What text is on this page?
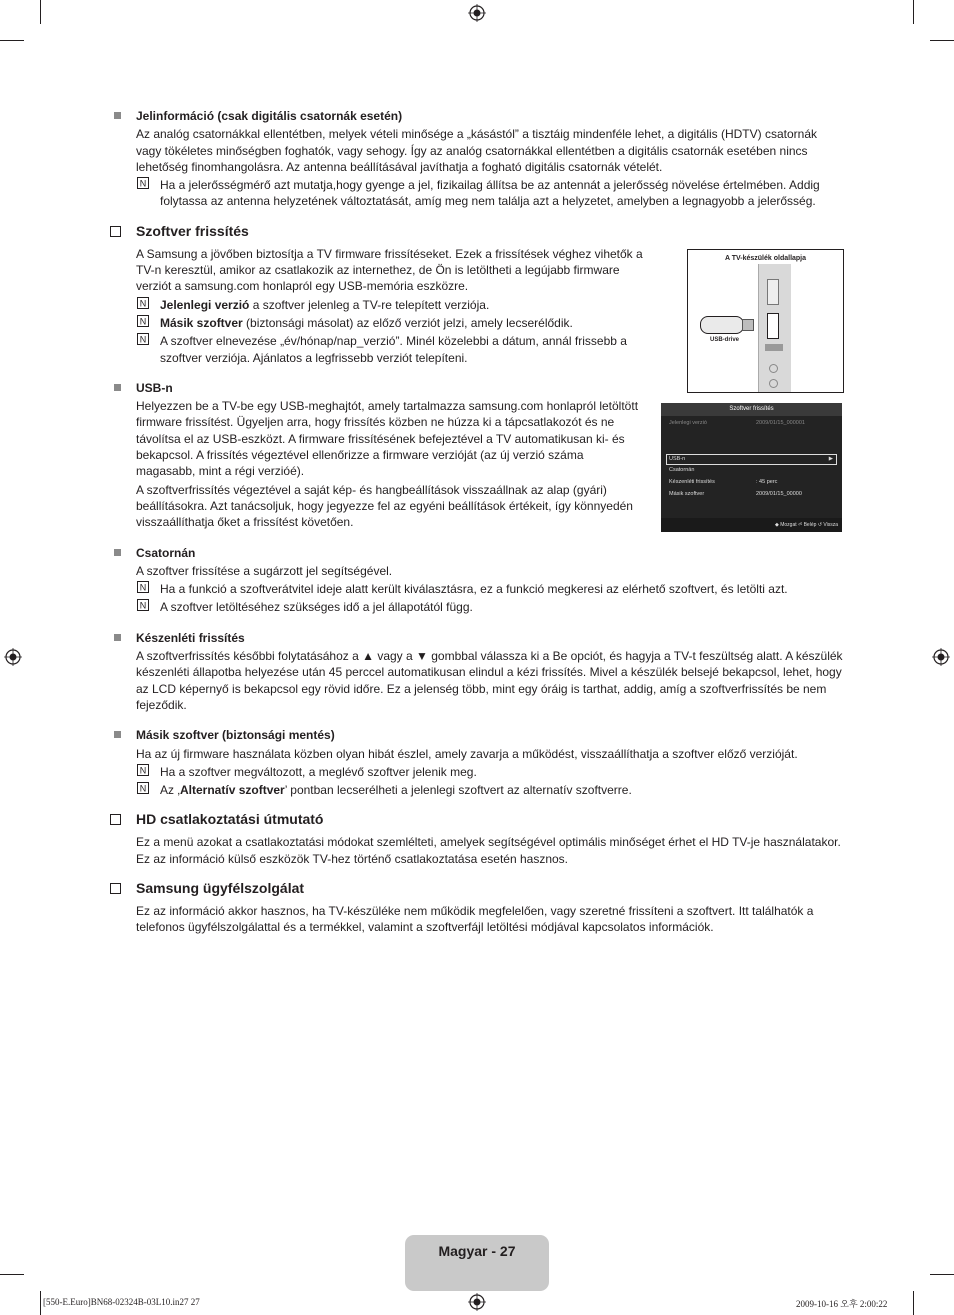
Jelinformáció (csak digitális csatornák esetén)
Az analóg csatornákkal ellentétben, melyek vételi minősége a „kásástól” a tisztáig mindenféle lehet, a digitális (HDTV) csatornák vagy tökéletes minőségben foghatók, vagy sehogy. Így az analóg csatornákkal ellentétben a digitális csatornák esetében nincs lehetőség finomhangolásra. Az antenna beállításával javíthatja a fogható digitális csatornák vételét.
N Ha a jelerősségmérő azt mutatja,hogy gyenge a jel, fizikailag állítsa be az antennát a jelerősség növelése értelmében. Addig folytassa az antenna helyzetének változtatását, amíg meg nem találja azt a helyzetet, amelyben a legnagyobb a jelerősség.
Szoftver frissítés
A Samsung a jövőben biztosítja a TV firmware frissítéseket. Ezek a frissítések véghez vihetők a TV-n keresztül, amikor az csatlakozik az internethez, de Ön is letöltheti a legújabb firmware verziót a samsung.com honlapról egy USB-memória eszközre.
N Jelenlegi verzió a szoftver jelenleg a TV-re telepített verziója.
N Másik szoftver (biztonsági másolat) az előző verziót jelzi, amely lecserélődik.
N A szoftver elnevezése „év/hónap/nap_verzió”. Minél közelebbi a dátum, annál frissebb a szoftver verziója. Ajánlatos a legfrissebb verziót telepíteni.
USB-n
Helyezzen be a TV-be egy USB-meghajtót, amely tartalmazza samsung.com honlapról letöltött firmware frissítést. Ügyeljen arra, hogy frissítés közben ne húzza ki a tápcsatlakozót és ne távolítsa el az USB-eszközt. A firmware frissítésének befejeztével a TV automatikusan ki- és bekapcsol. A frissítés végeztével ellenőrizze a firmware verzióját (az új verzió száma magasabb, mint a régi verzióé).
A szoftverfrissítés végeztével a saját kép- és hangbeállítások visszaállnak az alap (gyári) beállításokra. Azt tanácsoljuk, hogy jegyezze fel az egyéni beállítások értékeit, így könnyedén visszaállíthatja őket a frissítést követően.
Csatornán
A szoftver frissítése a sugárzott jel segítségével.
N Ha a funkció a szoftverátvitel ideje alatt került kiválasztásra, ez a funkció megkeresi az elérhető szoftvert, és letölti azt.
N A szoftver letöltéséhez szükséges idő a jel állapotától függ.
Készenléti frissítés
A szoftverfrissítés későbbi folytatásához a ▲ vagy a ▼ gombbal válassza ki a Be opciót, és hagyja a TV-t feszültség alatt. A készülék készenléti állapotba helyezése után 45 perccel automatikusan elindul a kézi frissítés. Mivel a készülék belsejé bekapcsol, lehet, hogy az LCD képernyő is bekapcsol egy rövid időre. Ez a jelenség több, mint egy óráig is tarthat, addig, amíg a szoftverfrissítés be nem fejeződik.
Másik szoftver (biztonsági mentés)
Ha az új firmware használata közben olyan hibát észlel, amely zavarja a működést, visszaállíthatja a szoftver előző verzióját.
N Ha a szoftver megváltozott, a meglévő szoftver jelenik meg.
N Az ‚Alternatív szoftver’ pontban lecserélheti a jelenlegi szoftvert az alternatív szoftverre.
HD csatlakoztatási útmutató
Ez a menü azokat a csatlakoztatási módokat szemlélteti, amelyek segítségével optimális minőséget érhet el HD TV-je használatakor. Ez az információ külső eszközök TV-hez történő csatlakoztatása esetén hasznos.
Samsung ügyfélszolgálat
Ez az információ akkor hasznos, ha TV-készüléke nem működik megfelelően, vagy szeretné frissíteni a szoftvert. Itt találhatók a telefonos ügyfélszolgálattal és a termékkel, valamint a szoftverfájl letöltési módjával kapcsolatos információk.
A TV-készülék oldallapja
USB-drive
Szoftver frissítés
Jelenlegi verzió	2009/01/15_000001
USB-n	▶
Csatornán
Készenléti frissítés	: 45 perc
Másik szoftver	2009/01/15_00000
◆ Mozgat ⏎ Belép ↺ Vissza
Magyar - 27
[550-E.Euro]BN68-02324B-03L10.in27 27	2009-10-16 오후 2:00:22
